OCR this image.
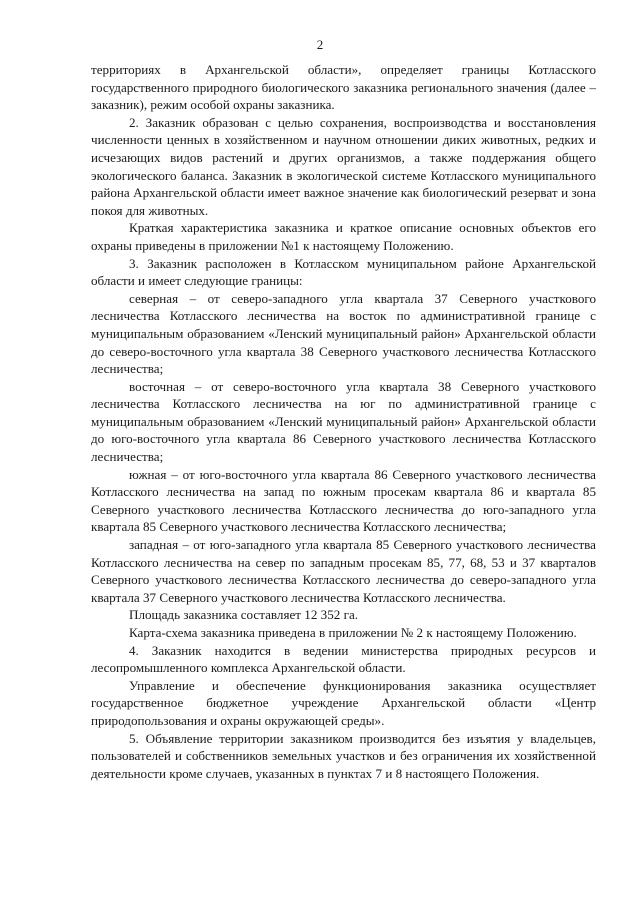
2

территориях в Архангельской области», определяет границы Котласского государственного природного биологического заказника регионального значения (далее – заказник), режим особой охраны заказника.

2. Заказник образован с целью сохранения, воспроизводства и восстановления численности ценных в хозяйственном и научном отношении диких животных, редких и исчезающих видов растений и других организмов, а также поддержания общего экологического баланса. Заказник в экологической системе Котласского муниципального района Архангельской области имеет важное значение как биологический резерват и зона покоя для животных.

Краткая характеристика заказника и краткое описание основных объектов его охраны приведены в приложении №1 к настоящему Положению.

3. Заказник расположен в Котласском муниципальном районе Архангельской области и имеет следующие границы:

северная – от северо-западного угла квартала 37 Северного участкового лесничества Котласского лесничества на восток по административной границе с муниципальным образованием «Ленский муниципальный район» Архангельской области до северо-восточного угла квартала 38 Северного участкового лесничества Котласского лесничества;

восточная – от северо-восточного угла квартала 38 Северного участкового лесничества Котласского лесничества на юг по административной границе с муниципальным образованием «Ленский муниципальный район» Архангельской области до юго-восточного угла квартала 86 Северного участкового лесничества Котласского лесничества;

южная – от юго-восточного угла квартала 86 Северного участкового лесничества Котласского лесничества на запад по южным просекам квартала 86 и квартала 85 Северного участкового лесничества Котласского лесничества до юго-западного угла квартала 85 Северного участкового лесничества Котласского лесничества;

западная – от юго-западного угла квартала 85 Северного участкового лесничества Котласского лесничества на север по западным просекам 85, 77, 68, 53 и 37 кварталов Северного участкового лесничества Котласского лесничества до северо-западного угла квартала 37 Северного участкового лесничества Котласского лесничества.

Площадь заказника составляет 12 352 га.

Карта-схема заказника приведена в приложении № 2 к настоящему Положению.

4. Заказник находится в ведении министерства природных ресурсов и лесопромышленного комплекса Архангельской области.

Управление и обеспечение функционирования заказника осуществляет государственное бюджетное учреждение Архангельской области «Центр природопользования и охраны окружающей среды».

5. Объявление территории заказником производится без изъятия у владельцев, пользователей и собственников земельных участков и без ограничения их хозяйственной деятельности кроме случаев, указанных в пунктах 7 и 8 настоящего Положения.
